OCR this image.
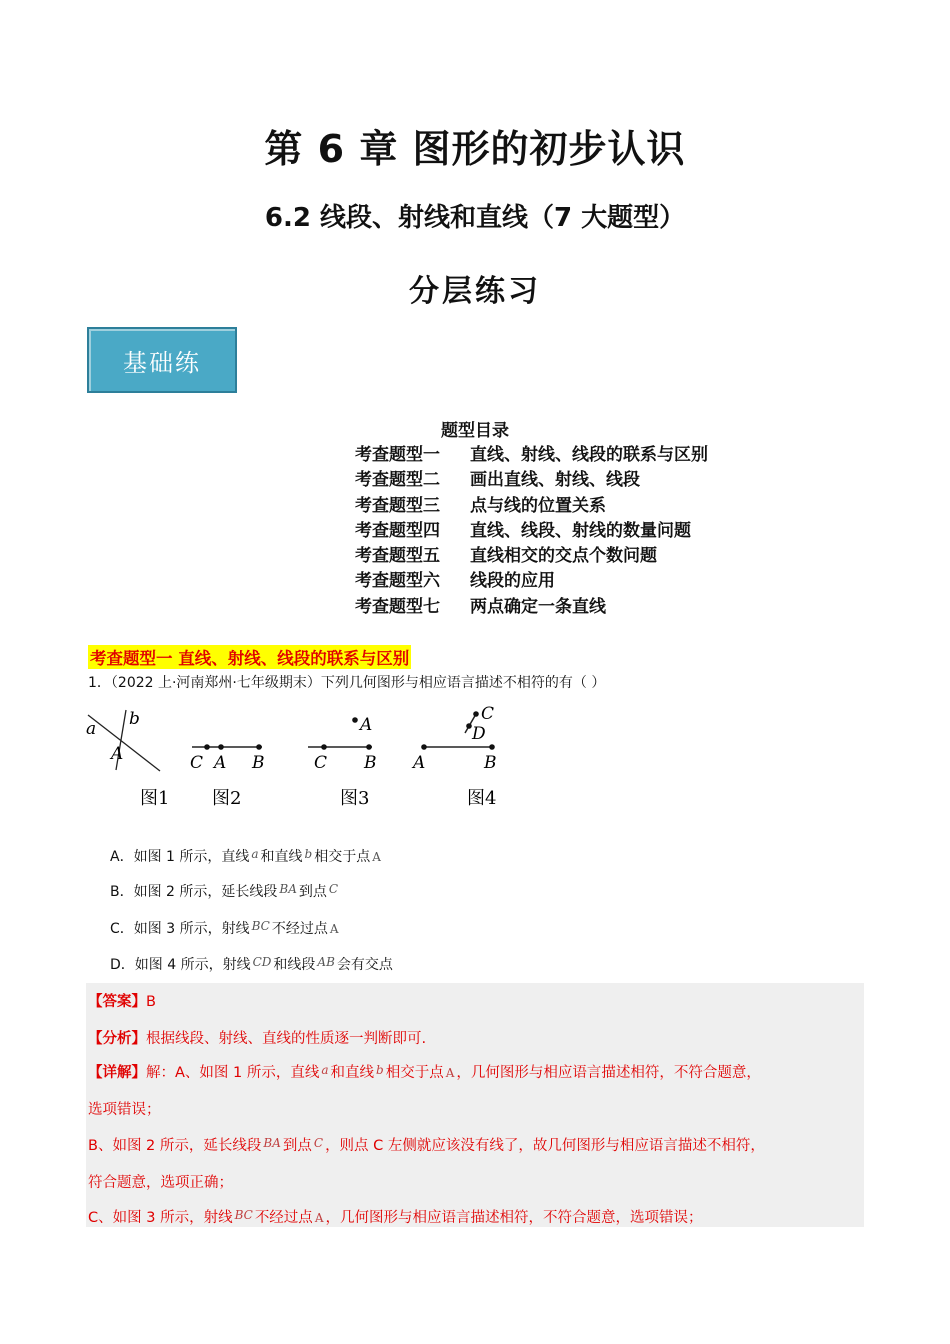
第 6 章 图形的初步认识
6.2 线段、射线和直线（7 大题型）
分层练习
基础练
题型目录
考查题型一 直线、射线、线段的联系与区别
考查题型二 画出直线、射线、线段
考查题型三 点与线的位置关系
考查题型四 直线、线段、射线的数量问题
考查题型五 直线相交的交点个数问题
考查题型六 线段的应用
考查题型七 两点确定一条直线
考查题型一 直线、射线、线段的联系与区别
1．（2022 上·河南郑州·七年级期末）下列几何图形与相应语言描述不相符的有（ ）
a b
A
图1
C A B
图2
A
C B
图3
C
D
A	B
图4
A．如图 1 所示，直线 a 和直线 b 相交于点 A
B．如图 2 所示，延长线段 BA 到点 C
C．如图 3 所示，射线 BC 不经过点 A
D．如图 4 所示，射线 CD 和线段 AB 会有交点
【答案】B
【分析】根据线段、射线、直线的性质逐一判断即可.
【详解】解：A、如图 1 所示，直线 $^a$ 和直线 $^b$ 相交于点 A ，几何图形与相应语言描述相符，不符合题意，
选项错误；
B、如图 2 所示，延长线段 $^{BA}$ 到点 $^C$ ，则点 C 左侧就应该没有线了，故几何图形与相应语言描述不相符，
符合题意，选项正确；
C、如图 3 所示，射线 $^{BC}$ 不经过点 A ，几何图形与相应语言描述相符，不符合题意，选项错误；
